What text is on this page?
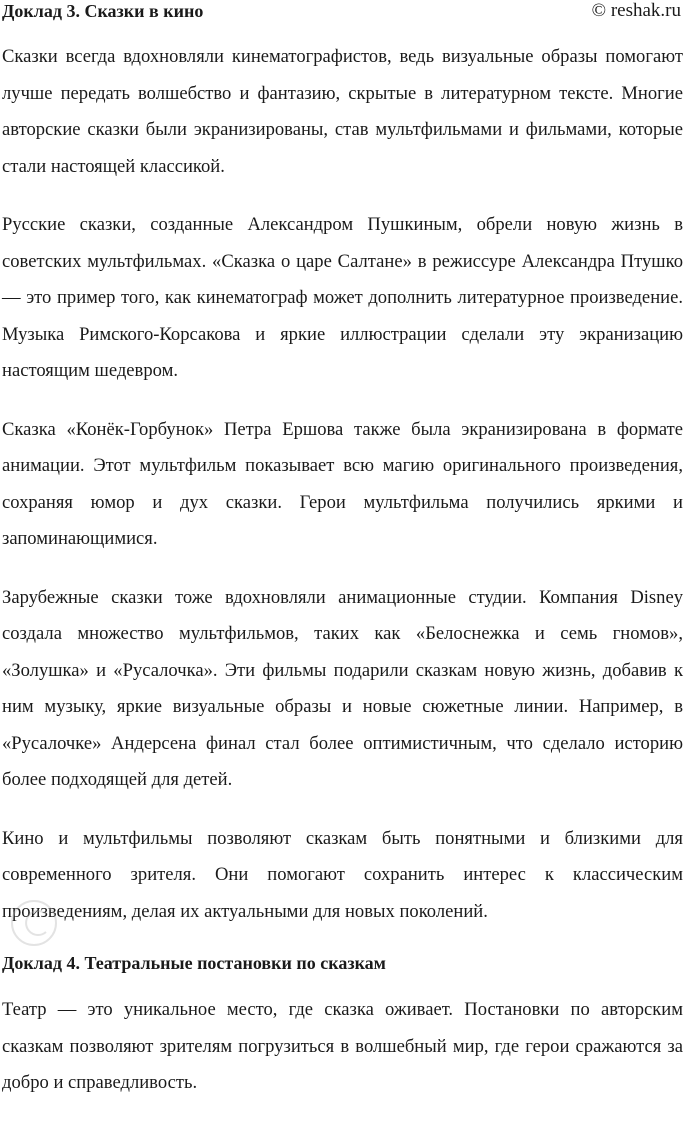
Доклад 3. Сказки в кино	© reshak.ru

Сказки всегда вдохновляли кинематографистов, ведь визуальные образы помогают лучше передать волшебство и фантазию, скрытые в литературном тексте. Многие авторские сказки были экранизированы, став мультфильмами и фильмами, которые стали настоящей классикой.

Русские сказки, созданные Александром Пушкиным, обрели новую жизнь в советских мультфильмах. «Сказка о царе Салтане» в режиссуре Александра Птушко — это пример того, как кинематограф может дополнить литературное произведение. Музыка Римского-Корсакова и яркие иллюстрации сделали эту экранизацию настоящим шедевром.

Сказка «Конёк-Горбунок» Петра Ершова также была экранизирована в формате анимации. Этот мультфильм показывает всю магию оригинального произведения, сохраняя юмор и дух сказки. Герои мультфильма получились яркими и запоминающимися.

Зарубежные сказки тоже вдохновляли анимационные студии. Компания Disney создала множество мультфильмов, таких как «Белоснежка и семь гномов», «Золушка» и «Русалочка». Эти фильмы подарили сказкам новую жизнь, добавив к ним музыку, яркие визуальные образы и новые сюжетные линии. Например, в «Русалочке» Андерсена финал стал более оптимистичным, что сделало историю более подходящей для детей.

Кино и мультфильмы позволяют сказкам быть понятными и близкими для современного зрителя. Они помогают сохранить интерес к классическим произведениям, делая их актуальными для новых поколений.

Доклад 4. Театральные постановки по сказкам

Театр — это уникальное место, где сказка оживает. Постановки по авторским сказкам позволяют зрителям погрузиться в волшебный мир, где герои сражаются за добро и справедливость.
